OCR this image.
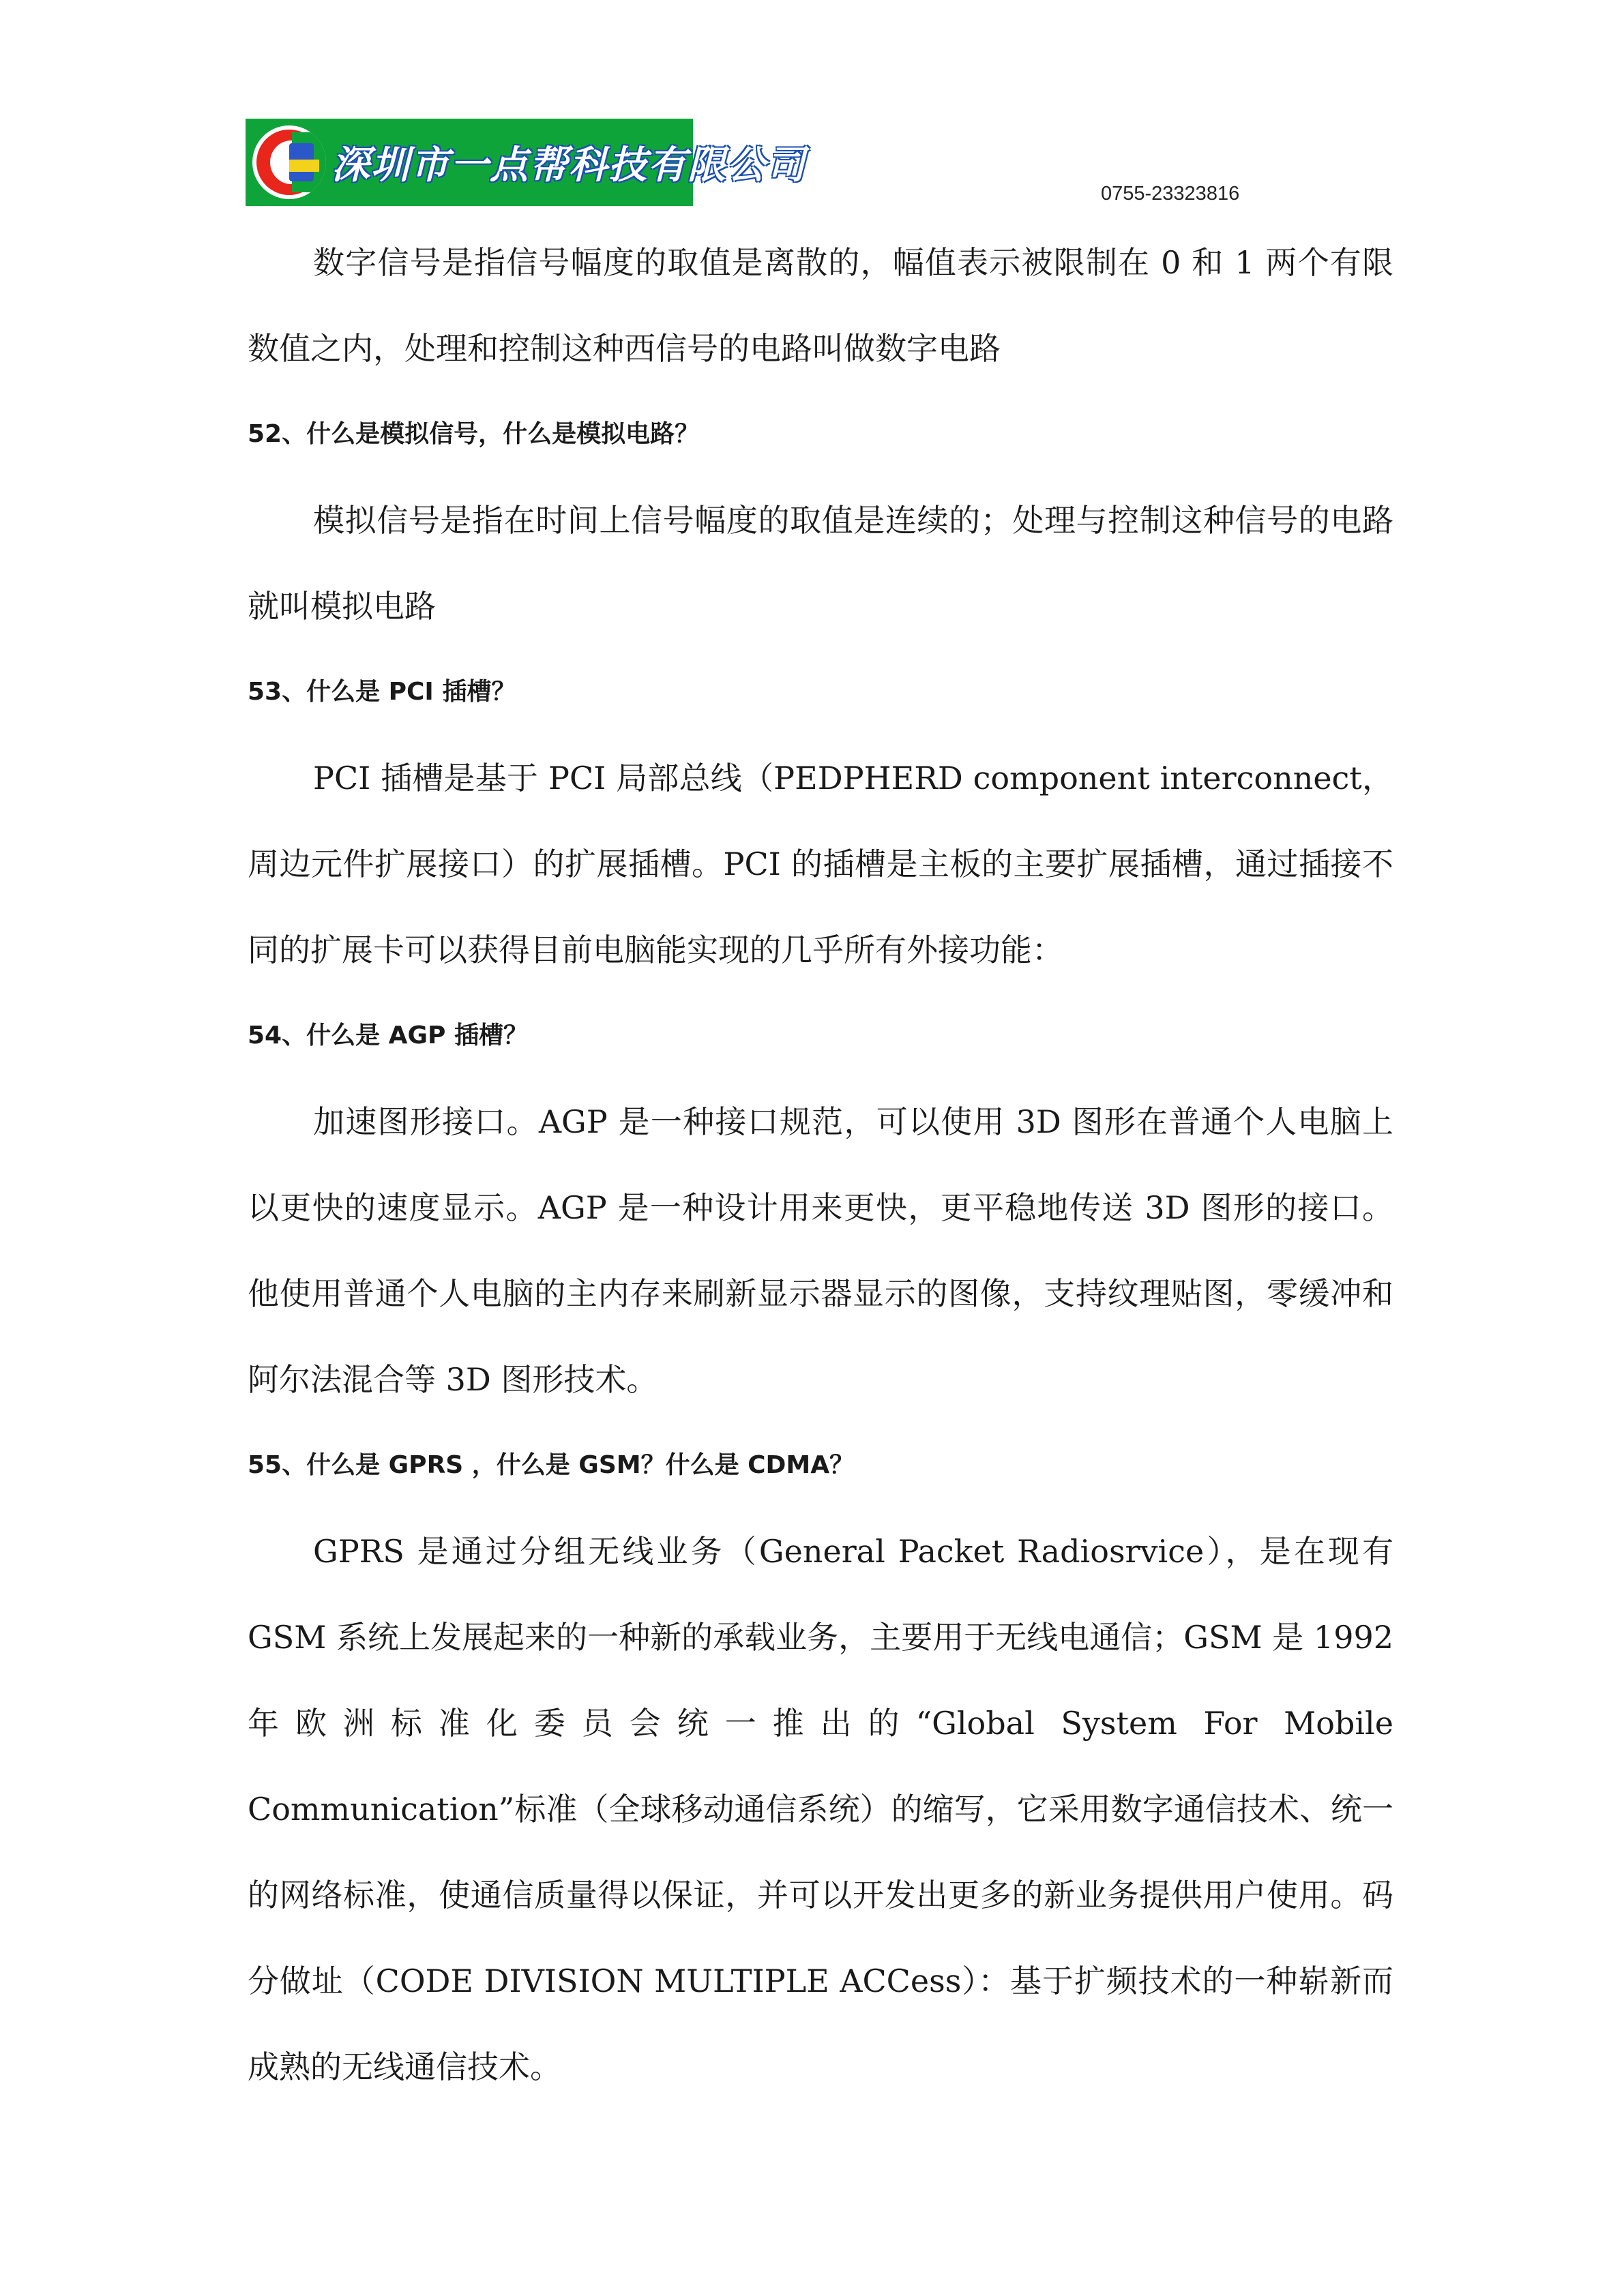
深圳市一点帮科技有限公司
0755-23323816

数字信号是指信号幅度的取值是离散的，幅值表示被限制在 0 和 1 两个有限数值之内，处理和控制这种西信号的电路叫做数字电路

52、什么是模拟信号，什么是模拟电路？

模拟信号是指在时间上信号幅度的取值是连续的；处理与控制这种信号的电路就叫模拟电路

53、什么是 PCI 插槽？

PCI 插槽是基于 PCI 局部总线（PEDPHERD component interconnect，周边元件扩展接口）的扩展插槽。PCI 的插槽是主板的主要扩展插槽，通过插接不同的扩展卡可以获得目前电脑能实现的几乎所有外接功能：

54、什么是 AGP 插槽？

加速图形接口。AGP 是一种接口规范，可以使用 3D 图形在普通个人电脑上以更快的速度显示。AGP 是一种设计用来更快，更平稳地传送 3D 图形的接口。他使用普通个人电脑的主内存来刷新显示器显示的图像，支持纹理贴图，零缓冲和阿尔法混合等 3D 图形技术。

55、什么是 GPRS ，什么是 GSM？什么是 CDMA？

GPRS 是通过分组无线业务（General Packet Radiosrvice），是在现有 GSM 系统上发展起来的一种新的承载业务，主要用于无线电通信；GSM 是 1992 年欧洲标准化委员会统一推出的“Global System For Mobile Communication”标准（全球移动通信系统）的缩写，它采用数字通信技术、统一的网络标准，使通信质量得以保证，并可以开发出更多的新业务提供用户使用。码分做址（CODE DIVISION MULTIPLE ACCess）：基于扩频技术的一种崭新而成熟的无线通信技术。
